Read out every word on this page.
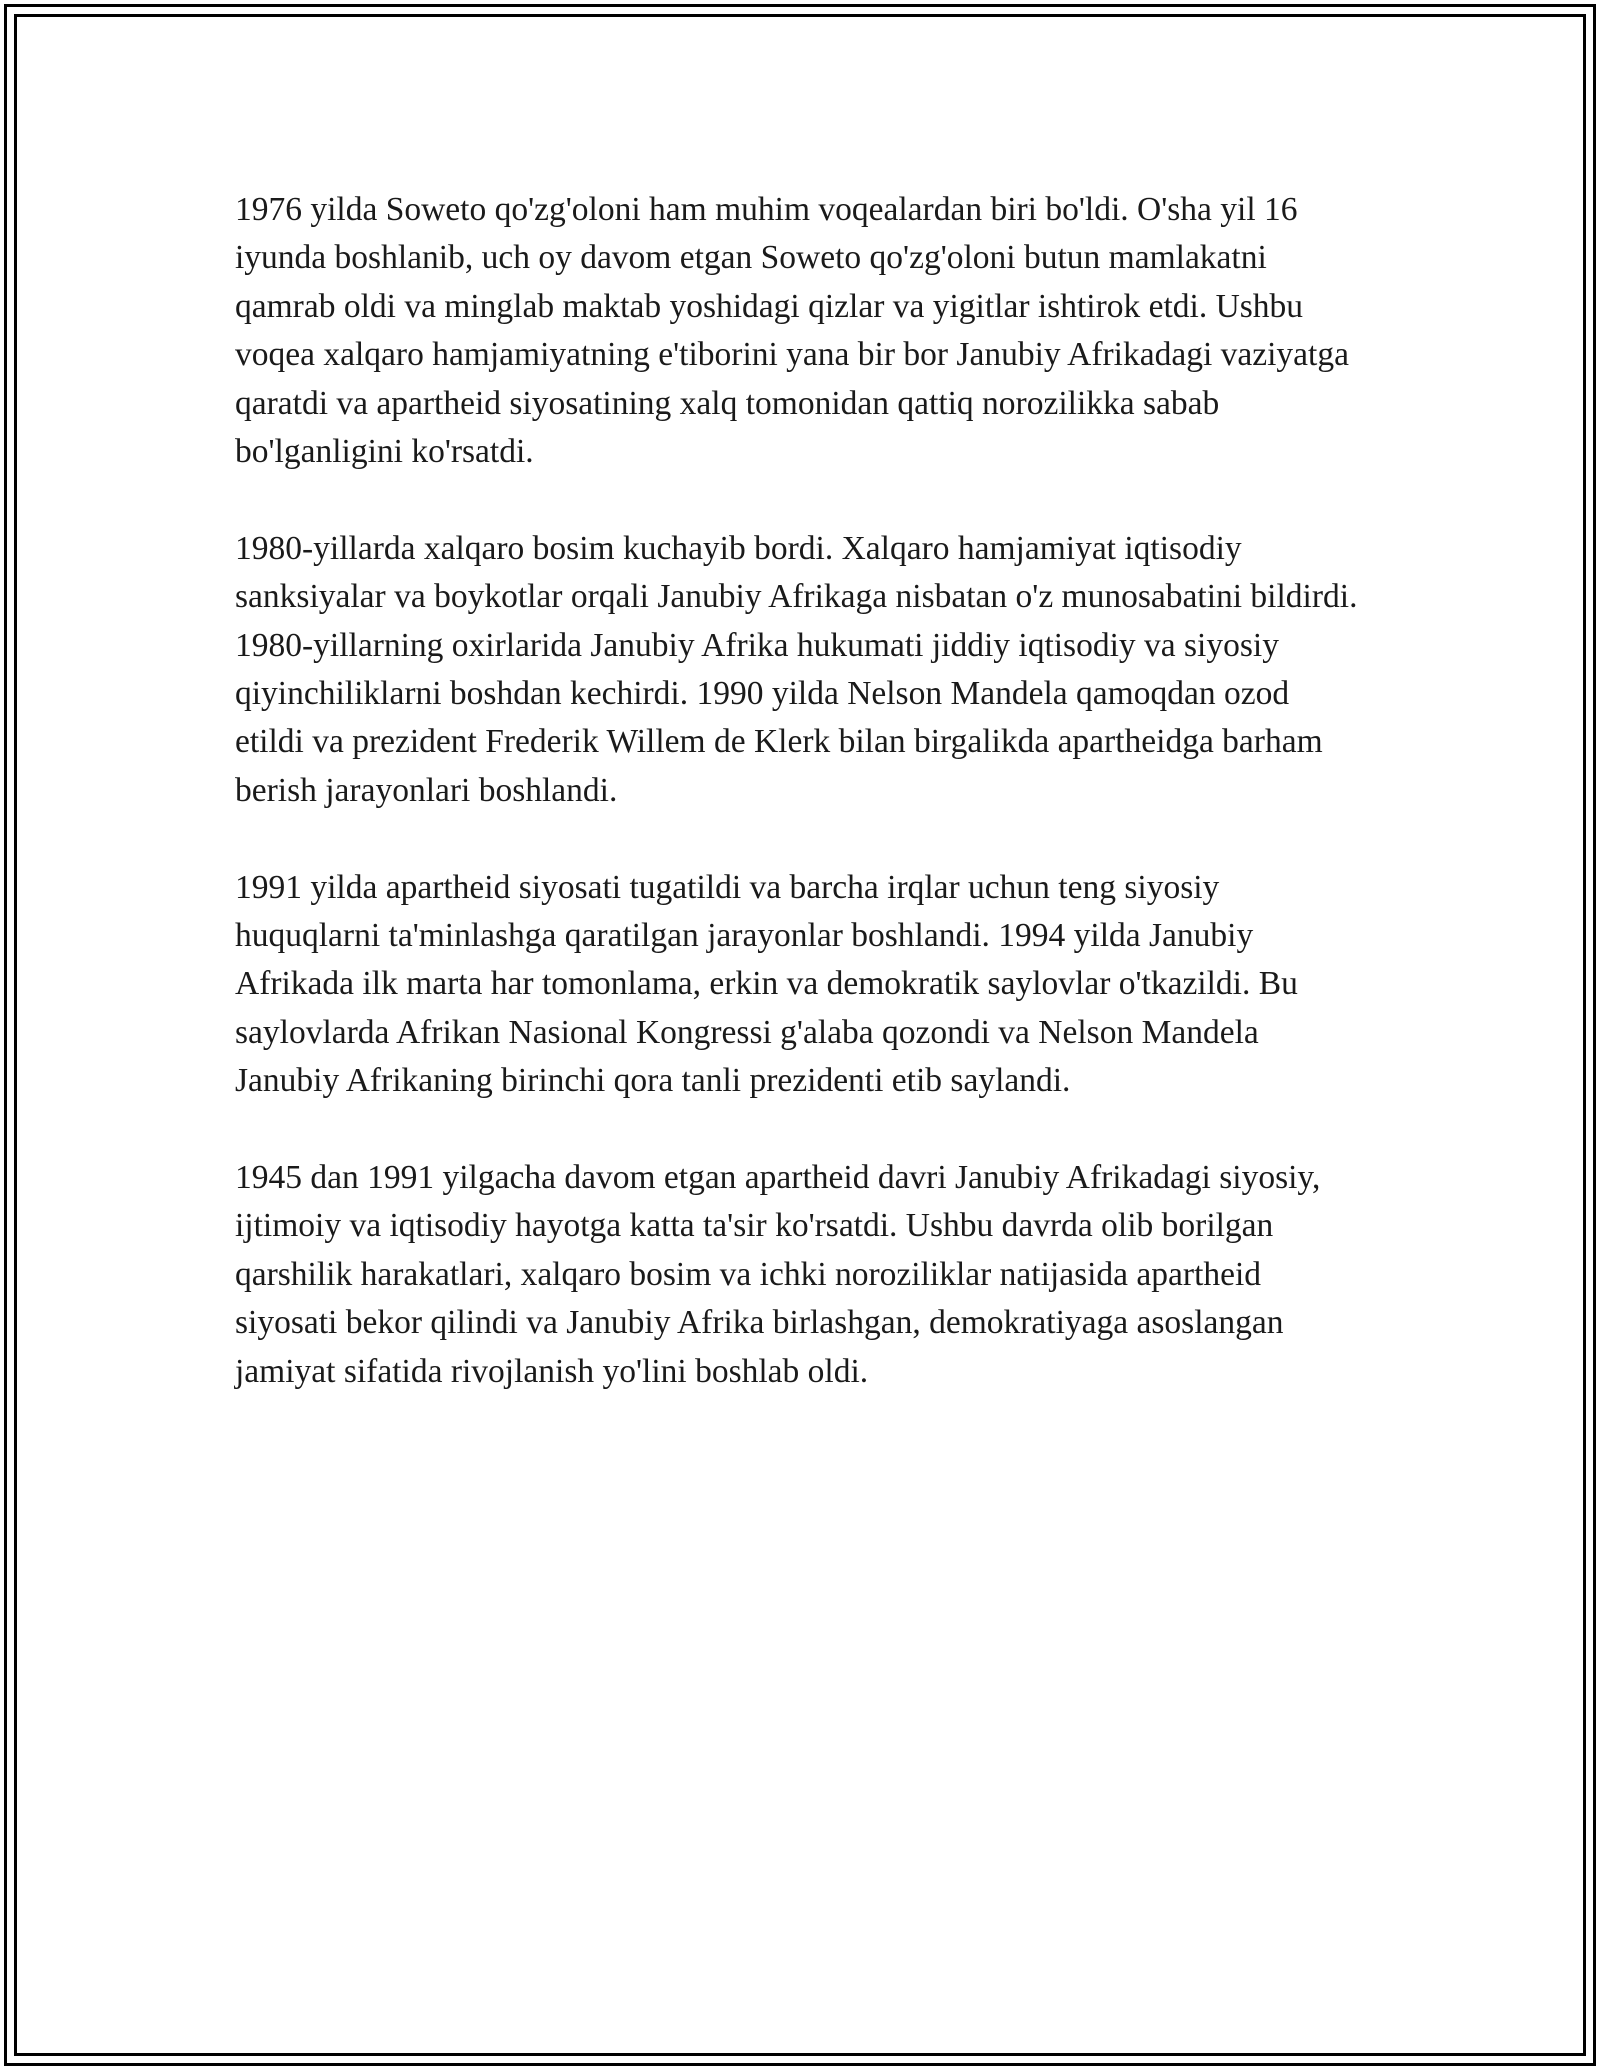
1976 yilda Soweto qo'zg'oloni ham muhim voqealardan biri bo'ldi. O'sha yil 16 iyunda boshlanib, uch oy davom etgan Soweto qo'zg'oloni butun mamlakatni qamrab oldi va minglab maktab yoshidagi qizlar va yigitlar ishtirok etdi. Ushbu voqea xalqaro hamjamiyatning e'tiborini yana bir bor Janubiy Afrikadagi vaziyatga qaratdi va apartheid siyosatining xalq tomonidan qattiq norozilikka sabab bo'lganligini ko'rsatdi.

1980-yillarda xalqaro bosim kuchayib bordi. Xalqaro hamjamiyat iqtisodiy sanksiyalar va boykotlar orqali Janubiy Afrikaga nisbatan o'z munosabatini bildirdi. 1980-yillarning oxirlarida Janubiy Afrika hukumati jiddiy iqtisodiy va siyosiy qiyinchiliklarni boshdan kechirdi. 1990 yilda Nelson Mandela qamoqdan ozod etildi va prezident Frederik Willem de Klerk bilan birgalikda apartheidga barham berish jarayonlari boshlandi.

1991 yilda apartheid siyosati tugatildi va barcha irqlar uchun teng siyosiy huquqlarni ta'minlashga qaratilgan jarayonlar boshlandi. 1994 yilda Janubiy Afrikada ilk marta har tomonlama, erkin va demokratik saylovlar o'tkazildi. Bu saylovlarda Afrikan Nasional Kongressi g'alaba qozondi va Nelson Mandela Janubiy Afrikaning birinchi qora tanli prezidenti etib saylandi.

1945 dan 1991 yilgacha davom etgan apartheid davri Janubiy Afrikadagi siyosiy, ijtimoiy va iqtisodiy hayotga katta ta'sir ko'rsatdi. Ushbu davrda olib borilgan qarshilik harakatlari, xalqaro bosim va ichki noroziliklar natijasida apartheid siyosati bekor qilindi va Janubiy Afrika birlashgan, demokratiyaga asoslangan jamiyat sifatida rivojlanish yo'lini boshlab oldi.
